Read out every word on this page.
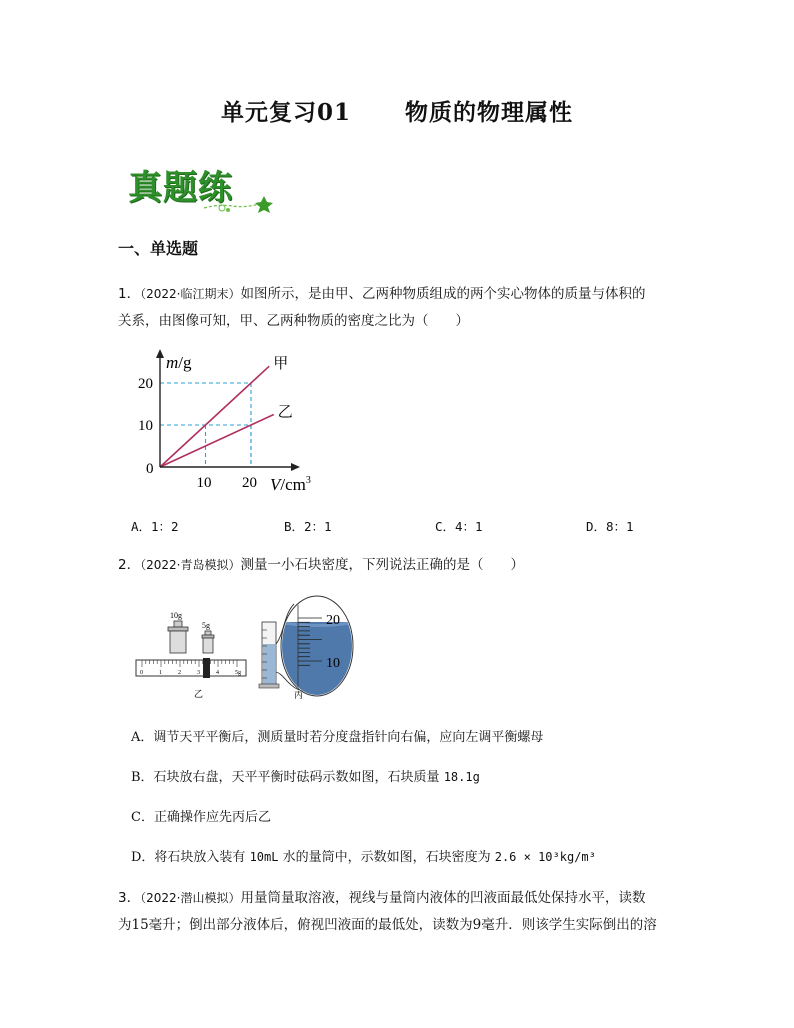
单元复习01      物质的物理属性
真题练
一、单选题
1．（2022·临江期末）如图所示，是由甲、乙两种物质组成的两个实心物体的质量与体积的
关系，由图像可知，甲、乙两种物质的密度之比为（　　）
m/g
$V/cm^3$
0
10 20
10
20
甲
乙
A．1：2	B．2：1	C．4：1	D．8：1
2．（2022·青岛模拟）测量一小石块密度，下列说法正确的是（　　）
10g
5g
0	1	2	3	4	5g
乙
20
10
丙
A．调节天平平衡后，测质量时若分度盘指针向右偏，应向左调平衡螺母
B．石块放右盘，天平平衡时砝码示数如图，石块质量 18.1g
C．正确操作应先丙后乙
D．将石块放入装有 10mL 水的量筒中，示数如图，石块密度为 2.6 × 10³kg/m³
3．（2022·潜山模拟）用量筒量取溶液，视线与量筒内液体的凹液面最低处保持水平，读数
为15毫升；倒出部分液体后，俯视凹液面的最低处，读数为9毫升．则该学生实际倒出的溶
